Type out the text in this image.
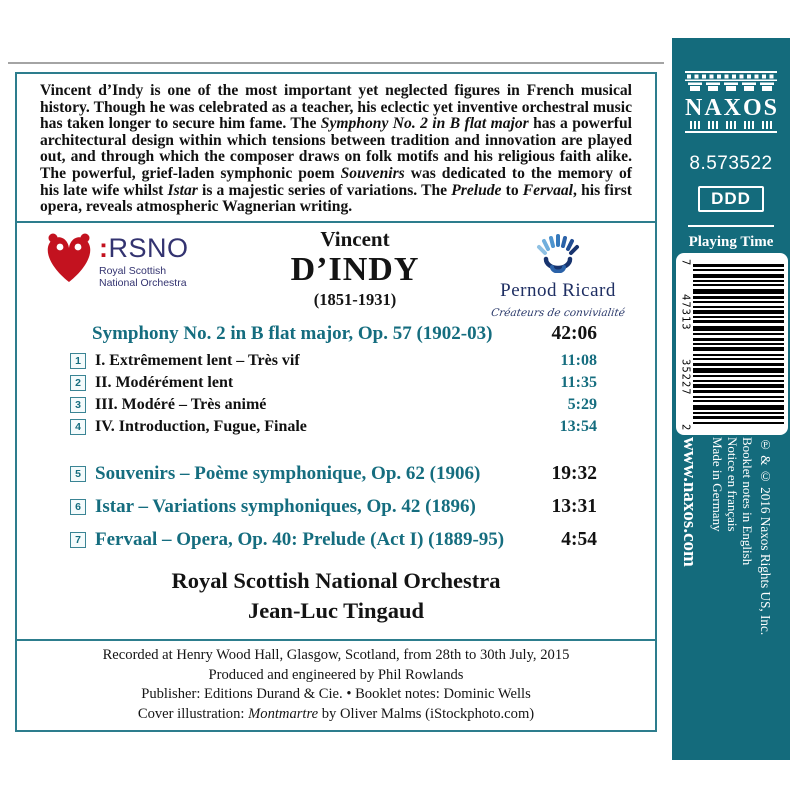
Vincent d’Indy is one of the most important yet neglected figures in French musical history. Though he was celebrated as a teacher, his eclectic yet inventive orchestral music has taken longer to secure him fame. The Symphony No. 2 in B flat major has a powerful architectural design within which tensions between tradition and innovation are played out, and through which the composer draws on folk motifs and his religious faith alike. The powerful, grief-laden symphonic poem Souvenirs was dedicated to the memory of his late wife whilst Istar is a majestic series of variations. The Prelude to Fervaal, his first opera, reveals atmospheric Wagnerian writing.
:RSNO
Royal Scottish
National Orchestra
Vincent
D’INDY
(1851-1931)	Pernod Ricard
Créateurs de convivialité
Symphony No. 2 in B flat major, Op. 57 (1902-03)	42:06
1 I. Extrêmement lent – Très vif	11:08
2 II. Modérément lent	11:35
3 III. Modéré – Très animé	5:29
4 IV. Introduction, Fugue, Finale	13:54
5 Souvenirs – Poème symphonique, Op. 62 (1906)	19:32
6 Istar – Variations symphoniques, Op. 42 (1896)	13:31
7 Fervaal – Opera, Op. 40: Prelude (Act I) (1889-95)	4:54
Royal Scottish National Orchestra
Jean-Luc Tingaud
Recorded at Henry Wood Hall, Glasgow, Scotland, from 28th to 30th July, 2015
Produced and engineered by Phil Rowlands
Publisher: Editions Durand & Cie. • Booklet notes: Dominic Wells
Cover illustration: Montmartre by Oliver Malms (iStockphoto.com)
NAXOS
8.573522
DDD
Playing Time
7
47313
35227
2
www.naxos.com Made in Germany Notice en français Booklet notes in English ℗ & © 2016 Naxos Rights US, Inc.
